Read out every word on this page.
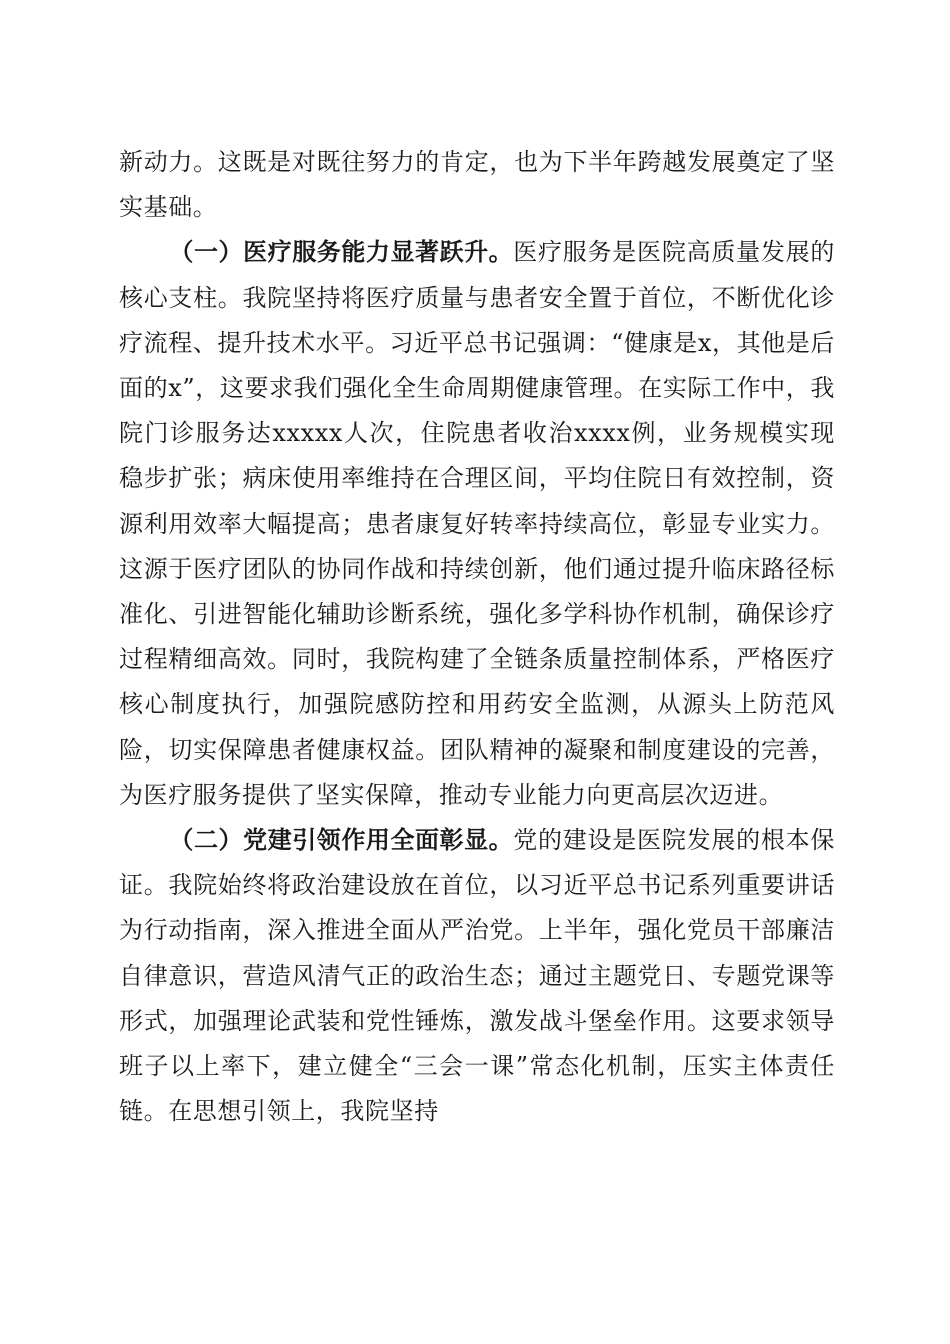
新动力。这既是对既往努力的肯定，也为下半年跨越发展奠定了坚实基础。

（一）医疗服务能力显著跃升。医疗服务是医院高质量发展的核心支柱。我院坚持将医疗质量与患者安全置于首位，不断优化诊疗流程、提升技术水平。习近平总书记强调：“健康是x，其他是后面的x”，这要求我们强化全生命周期健康管理。在实际工作中，我院门诊服务达xxxxx人次，住院患者收治xxxx例，业务规模实现稳步扩张；病床使用率维持在合理区间，平均住院日有效控制，资源利用效率大幅提高；患者康复好转率持续高位，彰显专业实力。这源于医疗团队的协同作战和持续创新，他们通过提升临床路径标准化、引进智能化辅助诊断系统，强化多学科协作机制，确保诊疗过程精细高效。同时，我院构建了全链条质量控制体系，严格医疗核心制度执行，加强院感防控和用药安全监测，从源头上防范风险，切实保障患者健康权益。团队精神的凝聚和制度建设的完善，为医疗服务提供了坚实保障，推动专业能力向更高层次迈进。

（二）党建引领作用全面彰显。党的建设是医院发展的根本保证。我院始终将政治建设放在首位，以习近平总书记系列重要讲话为行动指南，深入推进全面从严治党。上半年，强化党员干部廉洁自律意识，营造风清气正的政治生态；通过主题党日、专题党课等形式，加强理论武装和党性锤炼，激发战斗堡垒作用。这要求领导班子以上率下，建立健全“三会一课”常态化机制，压实主体责任链。在思想引领上，我院坚持
